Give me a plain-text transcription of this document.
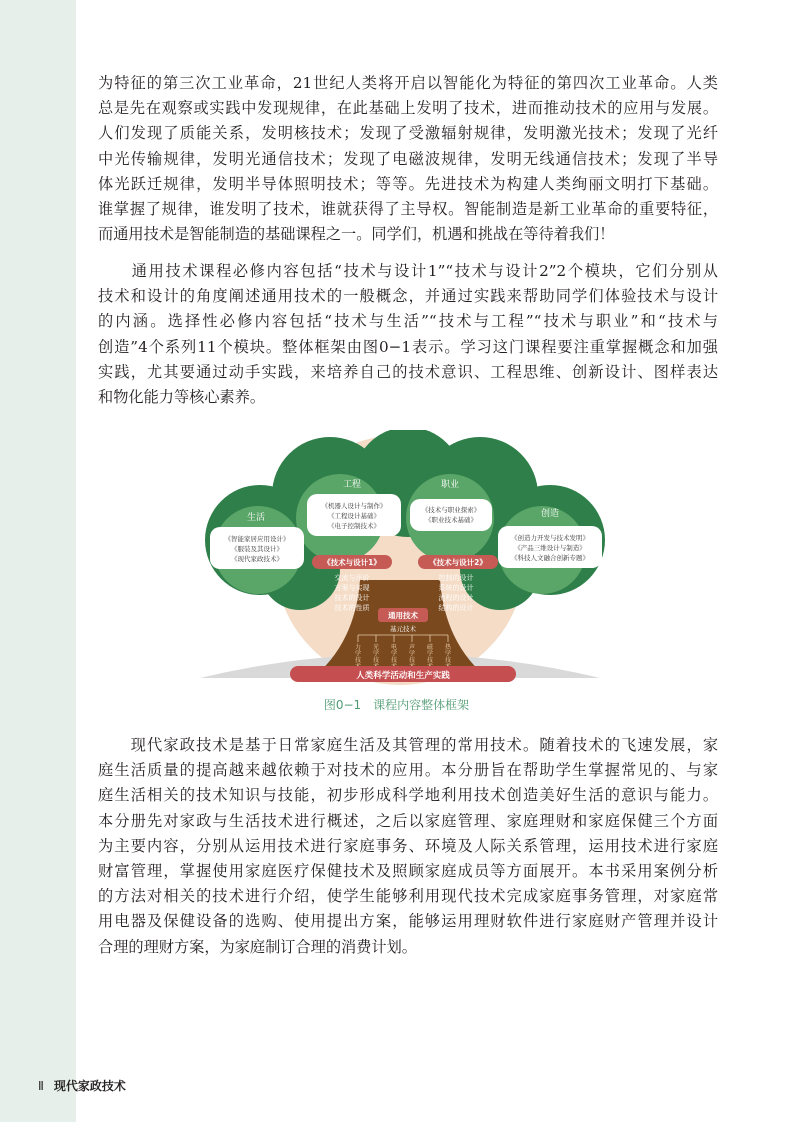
为特征的第三次工业革命，21世纪人类将开启以智能化为特征的第四次工业革命。人类
总是先在观察或实践中发现规律，在此基础上发明了技术，进而推动技术的应用与发展。
人们发现了质能关系，发明核技术；发现了受激辐射规律，发明激光技术；发现了光纤
中光传输规律，发明光通信技术；发现了电磁波规律，发明无线通信技术；发现了半导
体光跃迁规律，发明半导体照明技术；等等。先进技术为构建人类绚丽文明打下基础。
谁掌握了规律，谁发明了技术，谁就获得了主导权。智能制造是新工业革命的重要特征，
而通用技术是智能制造的基础课程之一。同学们，机遇和挑战在等待着我们！
　　通用技术课程必修内容包括“技术与设计1”“技术与设计2”2个模块，它们分别从
技术和设计的角度阐述通用技术的一般概念，并通过实践来帮助同学们体验技术与设计
的内涵。选择性必修内容包括“技术与生活”“技术与工程”“技术与职业”和“技术与
创造”4个系列11个模块。整体框架由图0−1表示。学习这门课程要注重掌握概念和加强
实践，尤其要通过动手实践，来培养自己的技术意识、工程思维、创新设计、图样表达
和物化能力等核心素养。
生活
工程	职业
创造
《智能家居应用设计》
《服装及其设计》
《现代家政技术》
《机器人设计与制作》
《工程设计基础》
《电子控制技术》
《技术与职业探索》
《职业技术基础》
《创造力开发与技术发明》
《产品三维设计与制造》
《科技人文融合创新专题》
《技术与设计1》	《技术与设计2》
交流与评价
方案与实现
技术的设计
技术的性质
控制的设计
系统的设计
流程的设计
结构的设计
通用技术
基元技术
力学技
光学技
电学技
声学技
磁学技
热学技
人类科学活动和生产实践
图0−1　课程内容整体框架
　　现代家政技术是基于日常家庭生活及其管理的常用技术。随着技术的飞速发展，家
庭生活质量的提高越来越依赖于对技术的应用。本分册旨在帮助学生掌握常见的、与家
庭生活相关的技术知识与技能，初步形成科学地利用技术创造美好生活的意识与能力。
本分册先对家政与生活技术进行概述，之后以家庭管理、家庭理财和家庭保健三个方面
为主要内容，分别从运用技术进行家庭事务、环境及人际关系管理，运用技术进行家庭
财富管理，掌握使用家庭医疗保健技术及照顾家庭成员等方面展开。本书采用案例分析
的方法对相关的技术进行介绍，使学生能够利用现代技术完成家庭事务管理，对家庭常
用电器及保健设备的选购、使用提出方案，能够运用理财软件进行家庭财产管理并设计
合理的理财方案，为家庭制订合理的消费计划。
Ⅱ 现代家政技术
